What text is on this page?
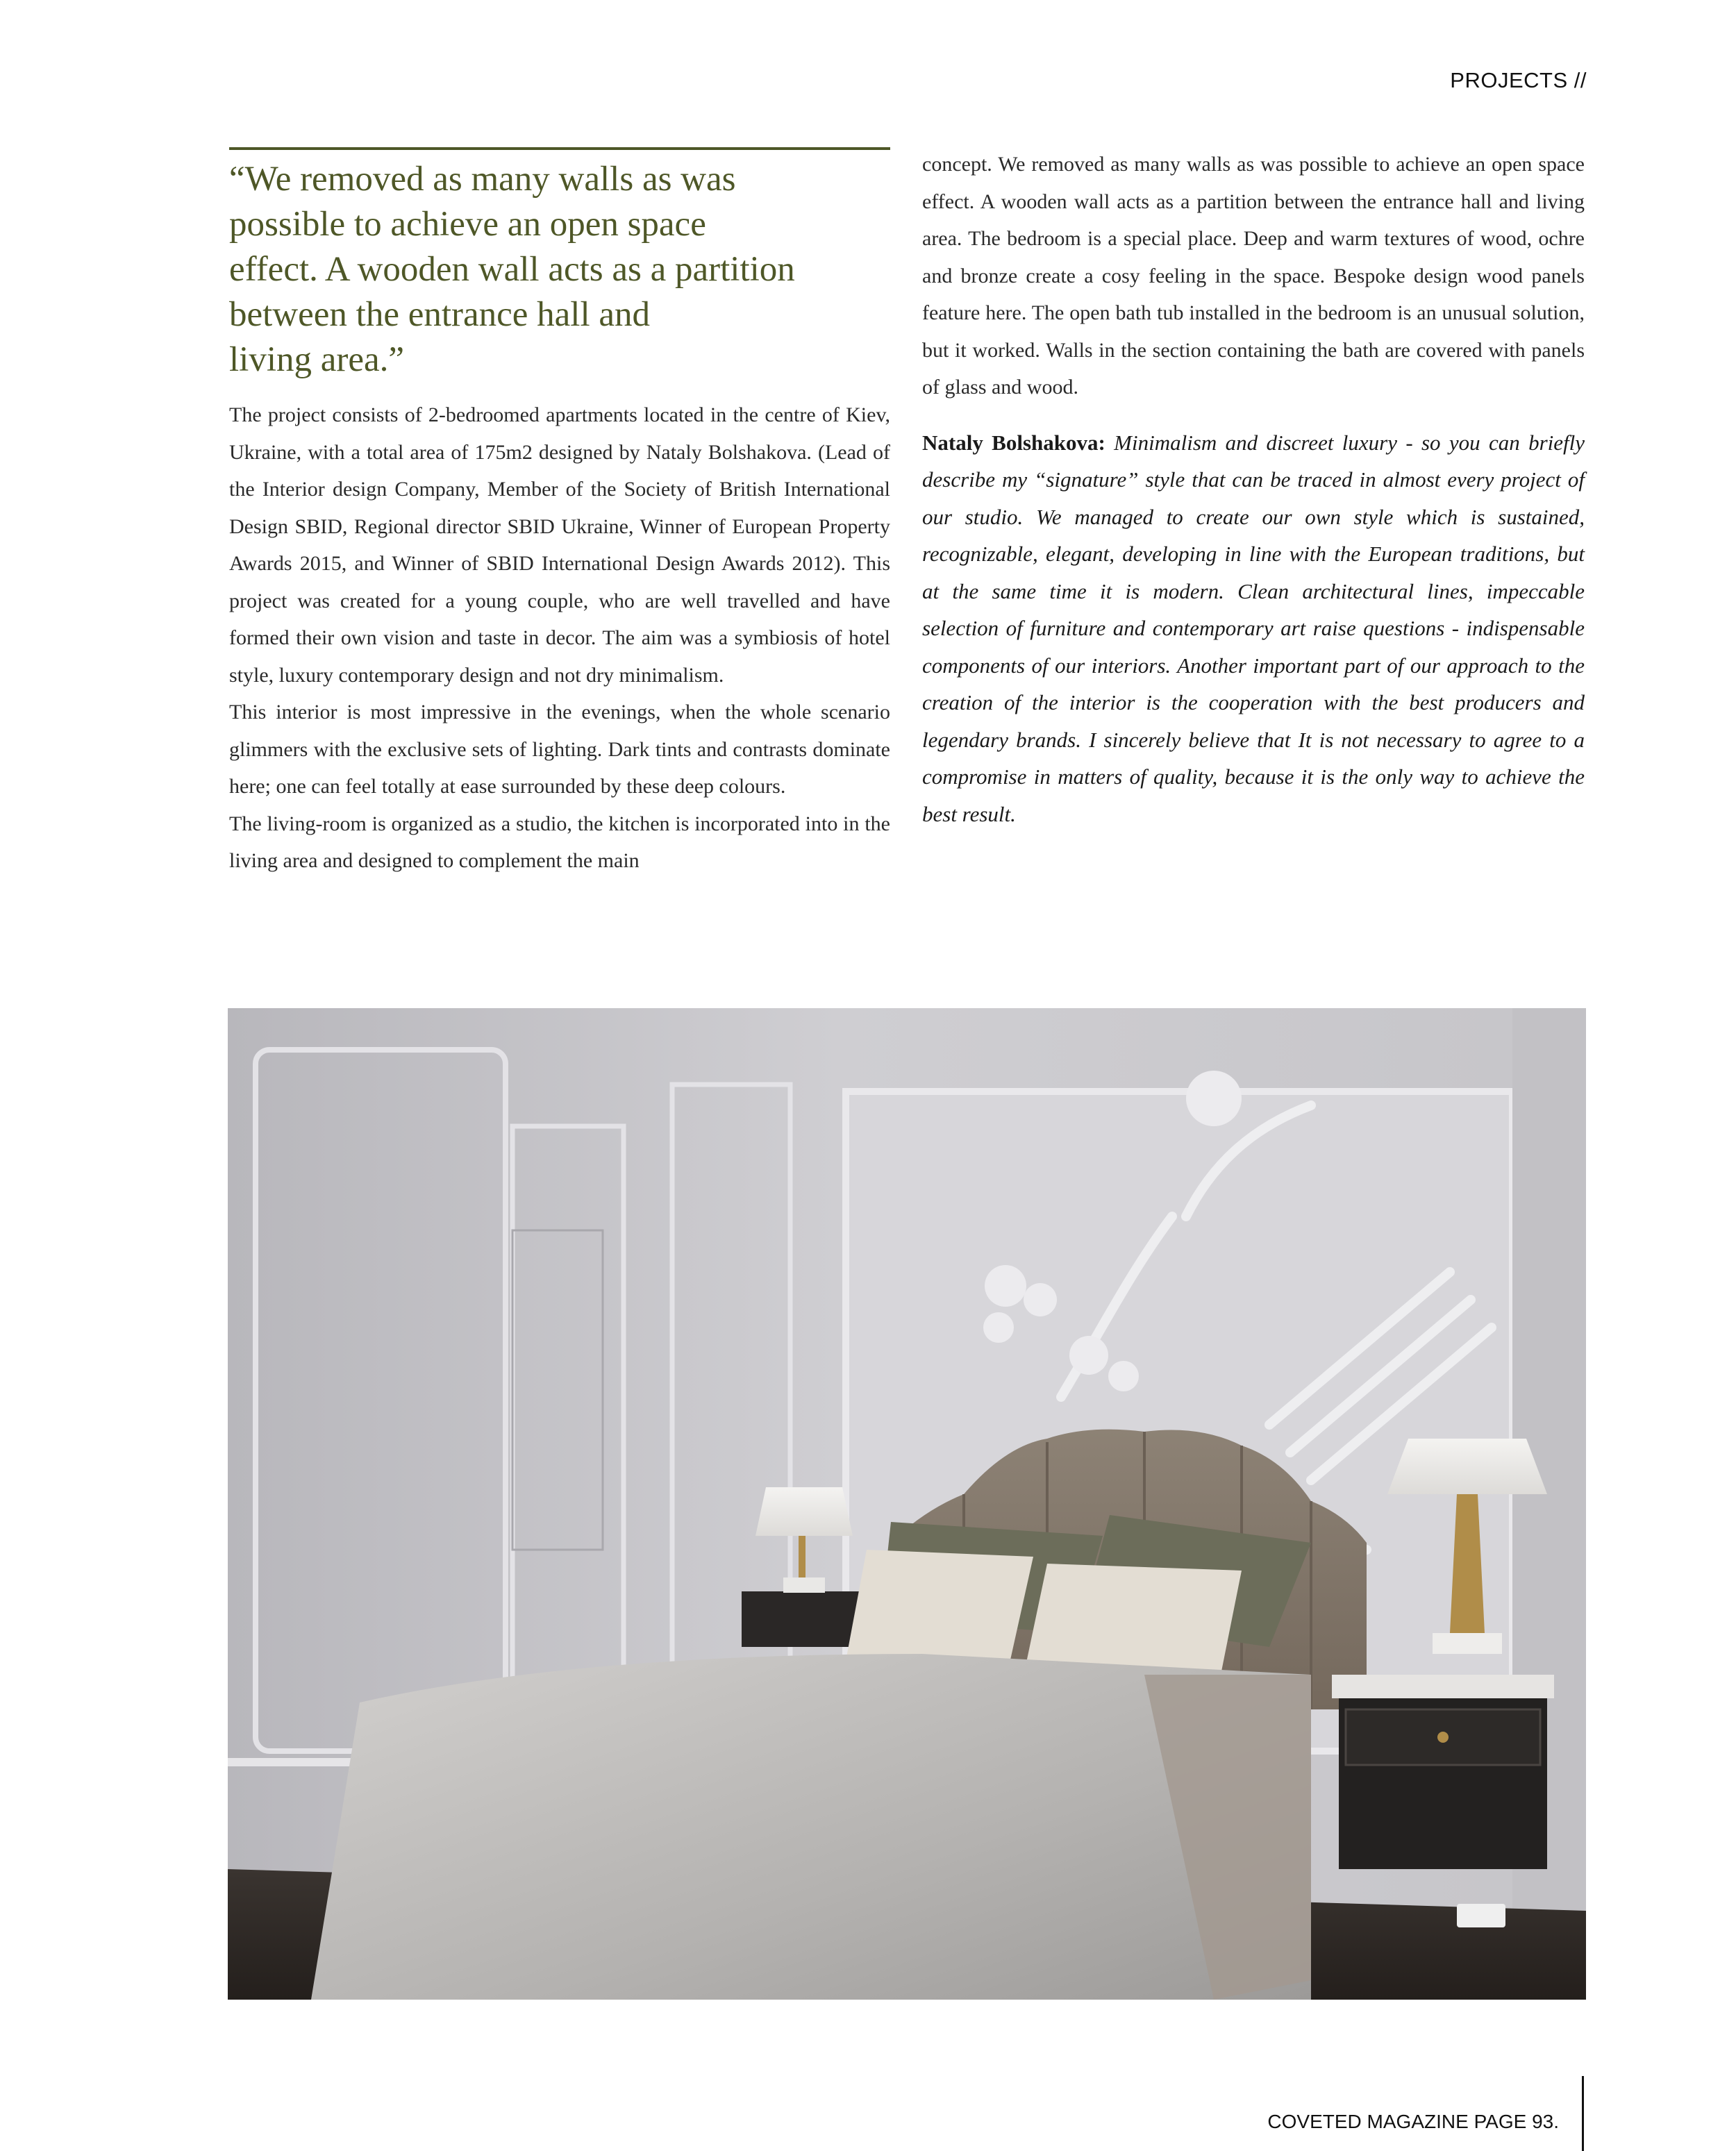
PROJECTS //
“We removed as many walls as was
possible to achieve an open space
effect. A wooden wall acts as a partition
between the entrance hall and
living area.”

The project consists of 2-bedroomed apartments located in the centre of Kiev, Ukraine, with a total area of 175m2 designed by Nataly Bolshakova. (Lead of the Interior design Company, Member of the Society of British International Design SBID, Regional director SBID Ukraine, Winner of European Property Awards 2015, and Winner of SBID International Design Awards 2012). This project was created for a young couple, who are well travelled and have formed their own vision and taste in decor. The aim was a symbiosis of hotel style, luxury contemporary design and not dry minimalism.

This interior is most impressive in the evenings, when the whole scenario glimmers with the exclusive sets of lighting. Dark tints and contrasts dominate here; one can feel totally at ease surrounded by these deep colours.

The living-room is organized as a studio, the kitchen is incorporated into in the living area and designed to complement the main

concept. We removed as many walls as was possible to achieve an open space effect. A wooden wall acts as a partition between the entrance hall and living area. The bedroom is a special place. Deep and warm textures of wood, ochre and bronze create a cosy feeling in the space. Bespoke design wood panels feature here. The open bath tub installed in the bedroom is an unusual solution, but it worked. Walls in the section containing the bath are covered with panels of glass and wood.

Nataly Bolshakova: Minimalism and discreet luxury - so you can briefly describe my “signature” style that can be traced in almost every project of our studio. We managed to create our own style which is sustained, recognizable, elegant, developing in line with the European traditions, but at the same time it is modern. Clean architectural lines, impeccable selection of furniture and contemporary art raise questions - indispensable components of our interiors. Another important part of our approach to the creation of the interior is the cooperation with the best producers and legendary brands. I sincerely believe that It is not necessary to agree to a compromise in matters of quality, because it is the only way to achieve the best result.

COVETED MAGAZINE PAGE 93.
